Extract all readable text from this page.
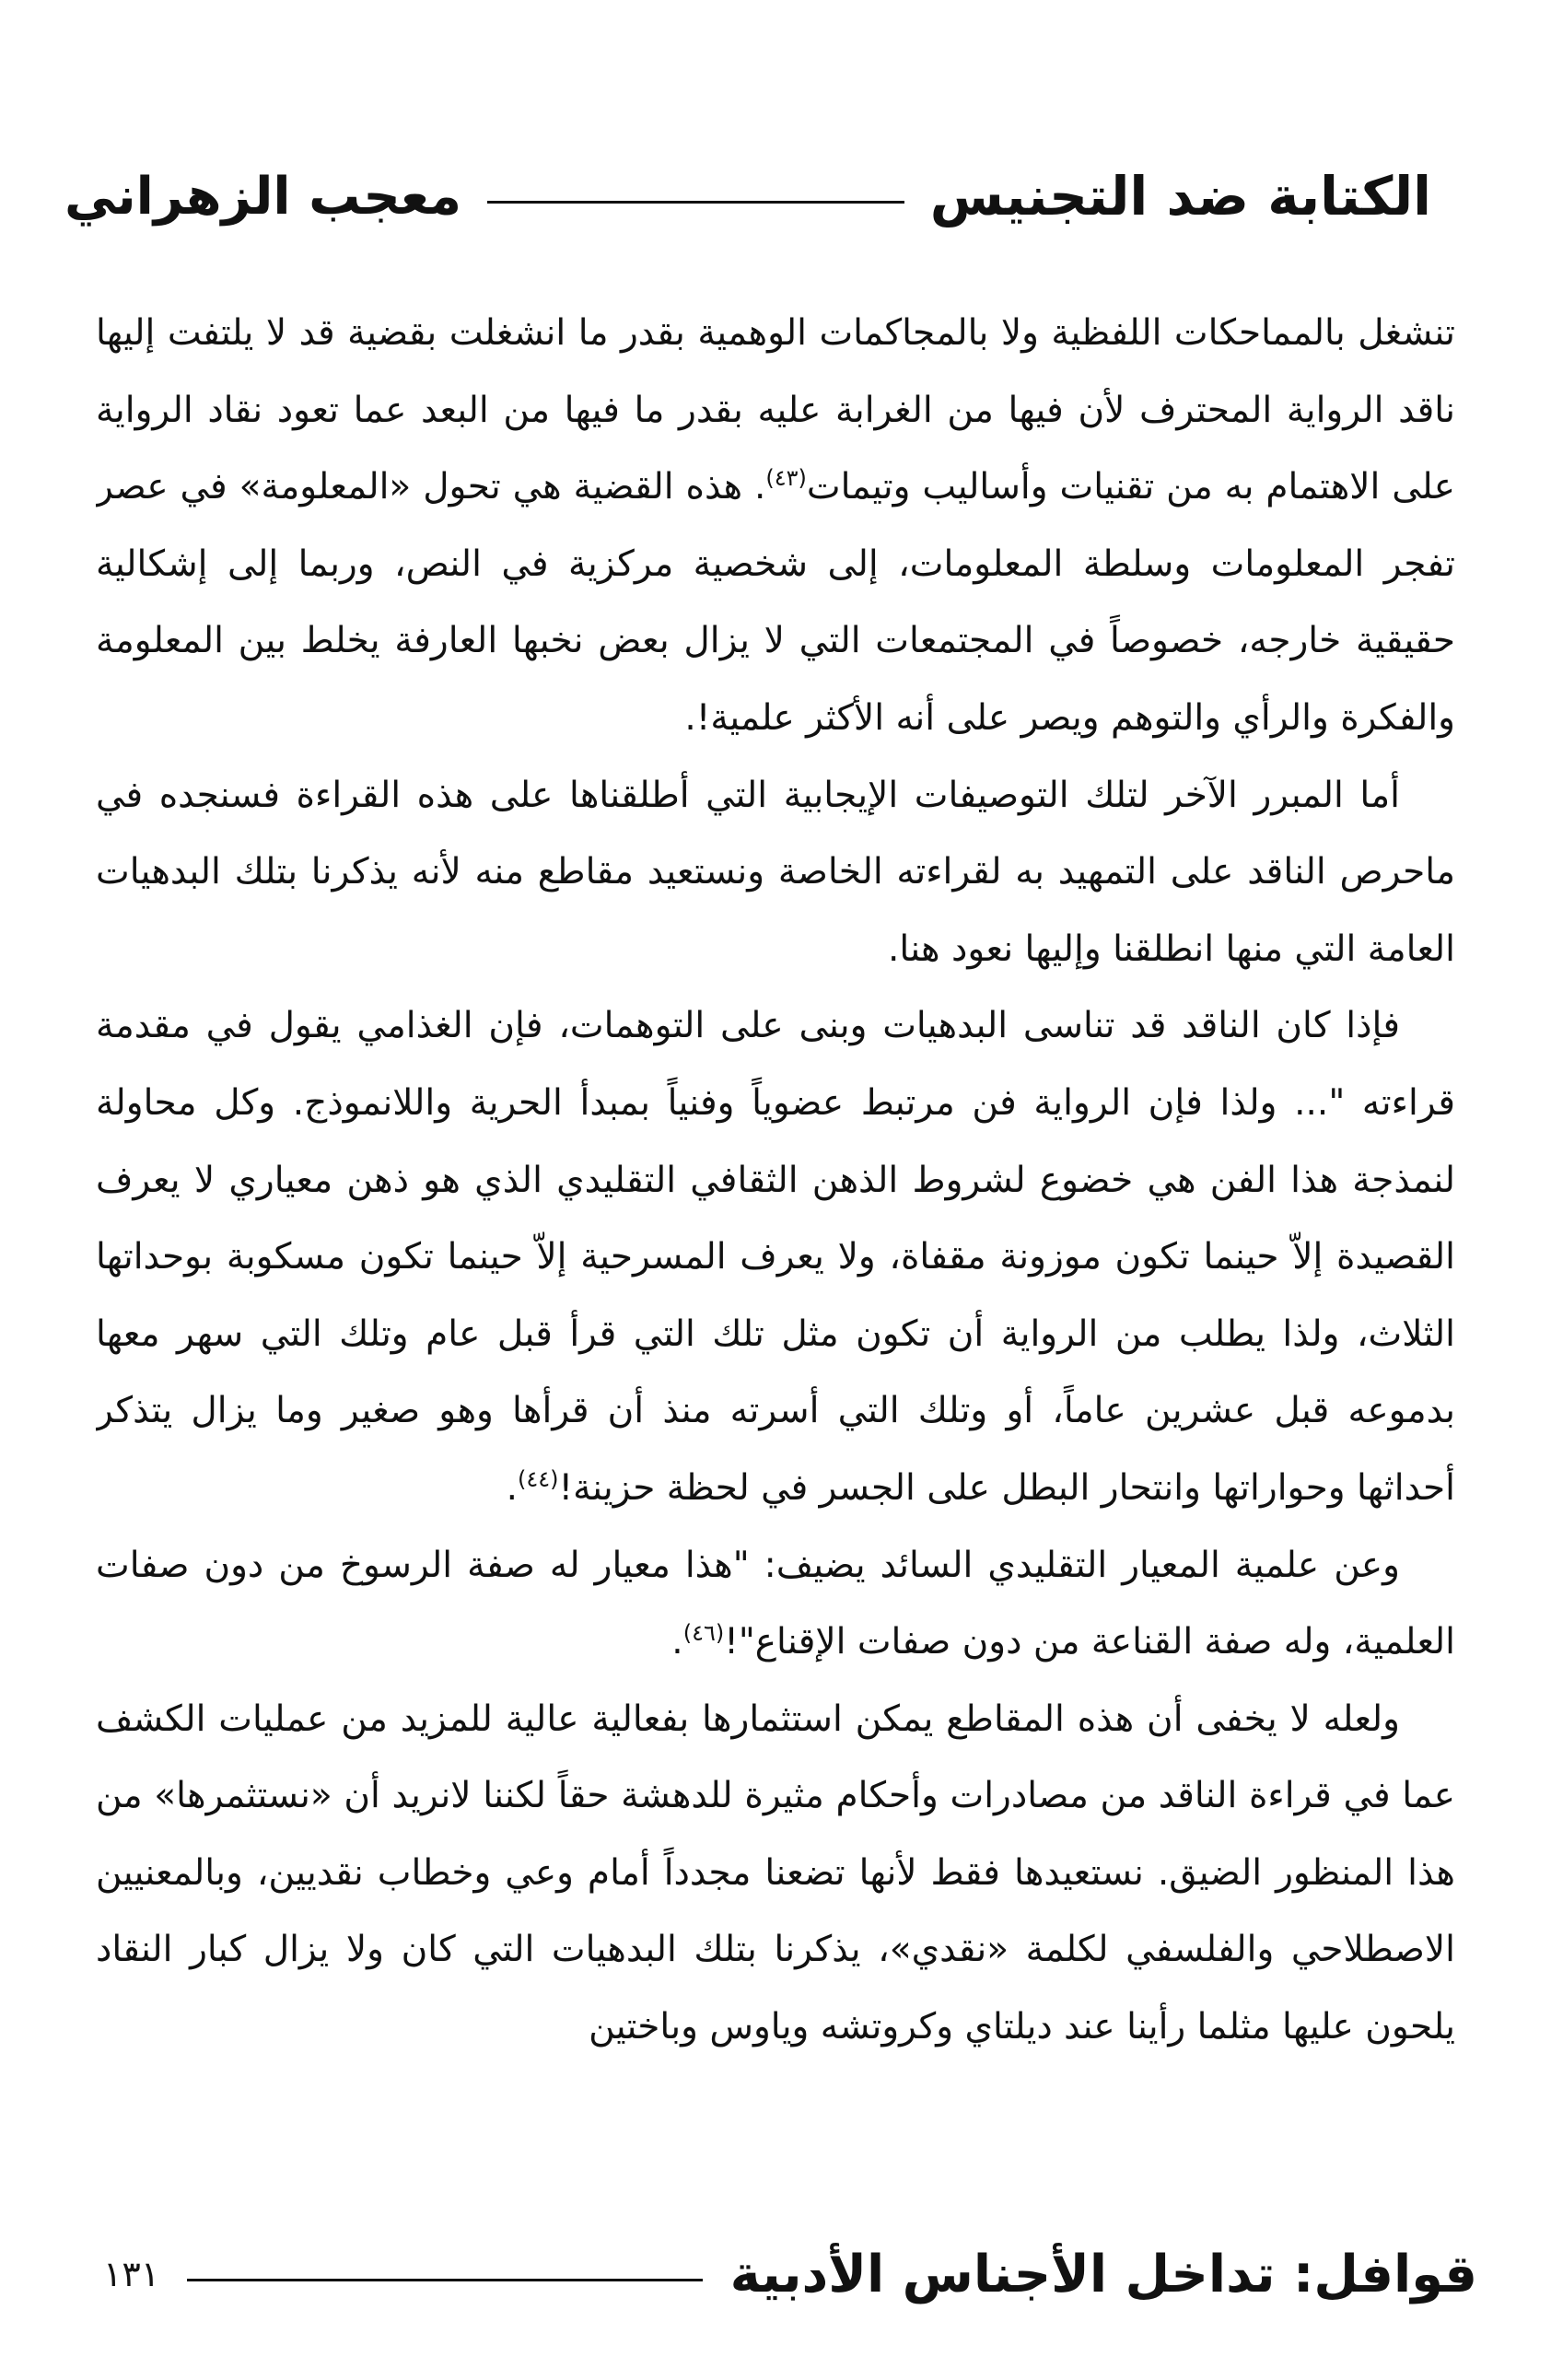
الكتابة ضد التجنيس
معجب الزهراني

تنشغل بالمماحكات اللفظية ولا بالمجاكمات الوهمية بقدر ما انشغلت بقضية قد لا يلتفت إليها ناقد الرواية المحترف لأن فيها من الغرابة عليه بقدر ما فيها من البعد عما تعود نقاد الرواية على الاهتمام به من تقنيات وأساليب وتيمات$^{(٤٣)}$. هذه القضية هي تحول «المعلومة» في عصر تفجر المعلومات وسلطة المعلومات، إلى شخصية مركزية في النص، وربما إلى إشكالية حقيقية خارجه، خصوصاً في المجتمعات التي لا يزال بعض نخبها العارفة يخلط بين المعلومة والفكرة والرأي والتوهم ويصر على أنه الأكثر علمية!.

أما المبرر الآخر لتلك التوصيفات الإيجابية التي أطلقناها على هذه القراءة فسنجده في ماحرص الناقد على التمهيد به لقراءته الخاصة ونستعيد مقاطع منه لأنه يذكرنا بتلك البدهيات العامة التي منها انطلقنا وإليها نعود هنا.

فإذا كان الناقد قد تناسى البدهيات وبنى على التوهمات، فإن الغذامي يقول في مقدمة قراءته "... ولذا فإن الرواية فن مرتبط عضوياً وفنياً بمبدأ الحرية واللانموذج. وكل محاولة لنمذجة هذا الفن هي خضوع لشروط الذهن الثقافي التقليدي الذي هو ذهن معياري لا يعرف القصيدة إلاّ حينما تكون موزونة مقفاة، ولا يعرف المسرحية إلاّ حينما تكون مسكوبة بوحداتها الثلاث، ولذا يطلب من الرواية أن تكون مثل تلك التي قرأ قبل عام وتلك التي سهر معها بدموعه قبل عشرين عاماً، أو وتلك التي أسرته منذ أن قرأها وهو صغير وما يزال يتذكر أحداثها وحواراتها وانتحار البطل على الجسر في لحظة حزينة!$^{(٤٤)}$.

وعن علمية المعيار التقليدي السائد يضيف: "هذا معيار له صفة الرسوخ من دون صفات العلمية، وله صفة القناعة من دون صفات الإقناع"!$^{(٤٦)}$.

ولعله لا يخفى أن هذه المقاطع يمكن استثمارها بفعالية عالية للمزيد من عمليات الكشف عما في قراءة الناقد من مصادرات وأحكام مثيرة للدهشة حقاً لكننا لانريد أن «نستثمرها» من هذا المنظور الضيق. نستعيدها فقط لأنها تضعنا مجدداً أمام وعي وخطاب نقديين، وبالمعنيين الاصطلاحي والفلسفي لكلمة «نقدي»، يذكرنا بتلك البدهيات التي كان ولا يزال كبار النقاد يلحون عليها مثلما رأينا عند ديلتاي وكروتشه وياوس وباختين

قوافل: تداخل الأجناس الأدبية
١٣١
